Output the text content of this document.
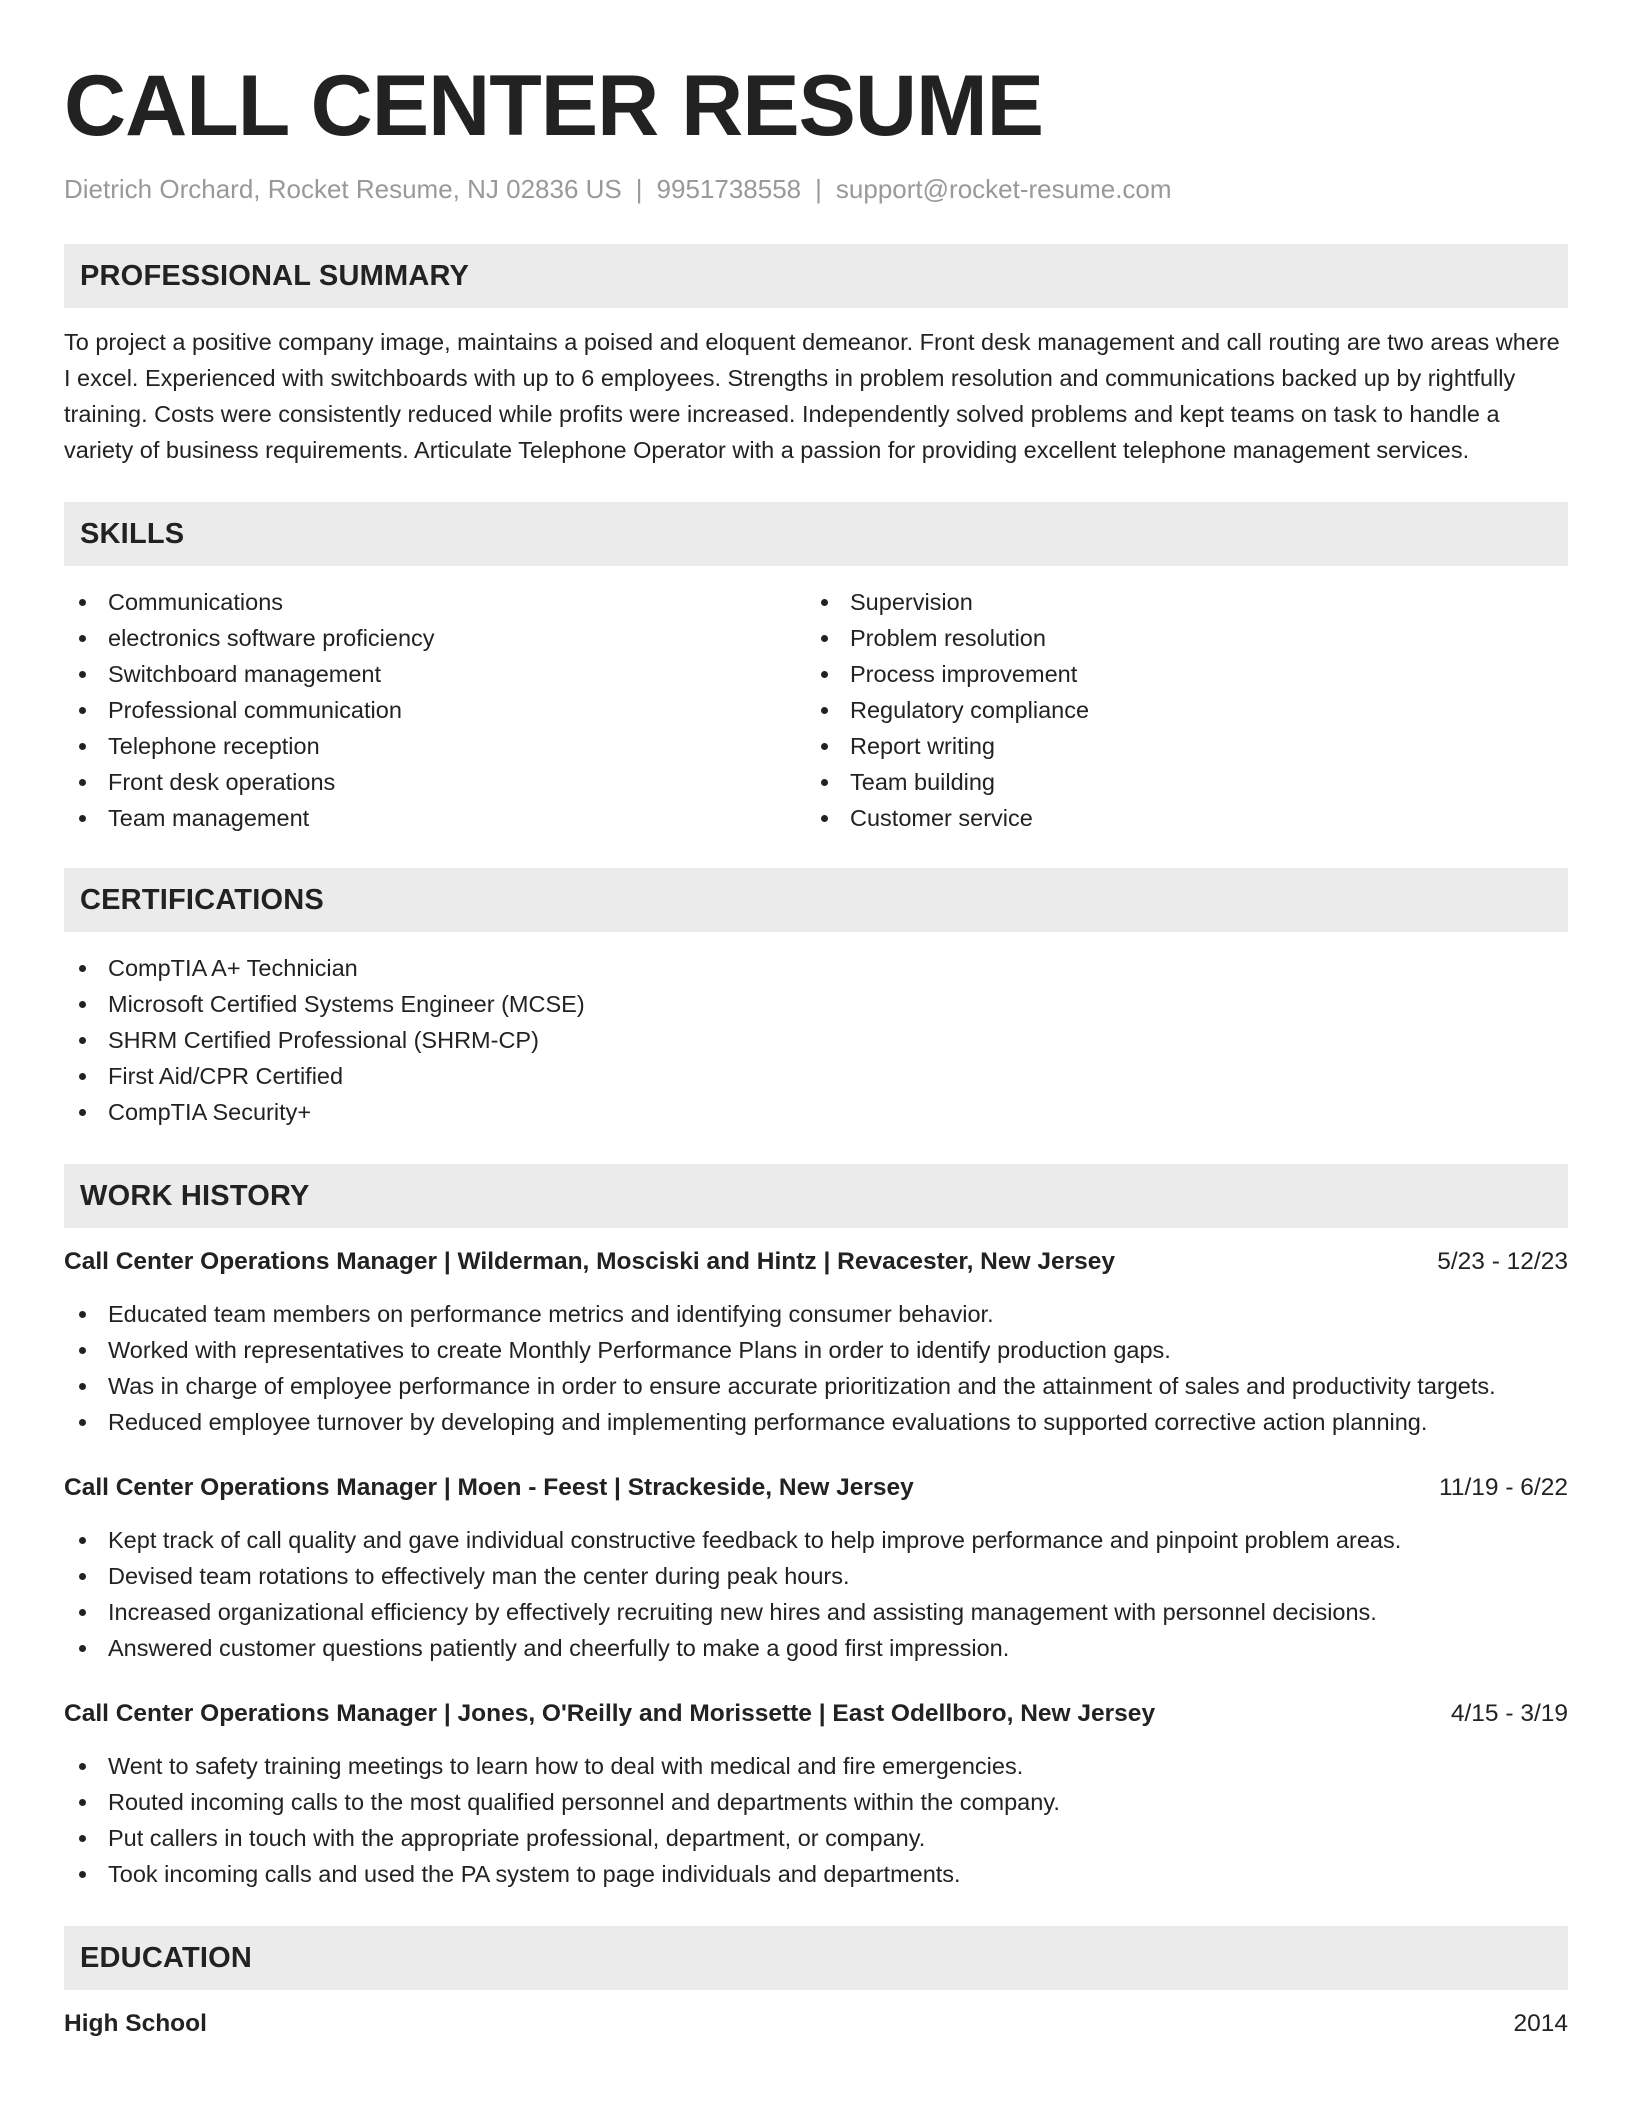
CALL CENTER RESUME
Dietrich Orchard, Rocket Resume, NJ 02836 US | 9951738558 | support@rocket-resume.com
PROFESSIONAL SUMMARY

To project a positive company image, maintains a poised and eloquent demeanor. Front desk management and call routing are two areas where I excel. Experienced with switchboards with up to 6 employees. Strengths in problem resolution and communications backed up by rightfully training. Costs were consistently reduced while profits were increased. Independently solved problems and kept teams on task to handle a variety of business requirements. Articulate Telephone Operator with a passion for providing excellent telephone management services.

SKILLS
Communications
electronics software proficiency
Switchboard management
Professional communication
Telephone reception
Front desk operations
Team management
Supervision
Problem resolution
Process improvement
Regulatory compliance
Report writing
Team building
Customer service
CERTIFICATIONS
CompTIA A+ Technician
Microsoft Certified Systems Engineer (MCSE)
SHRM Certified Professional (SHRM-CP)
First Aid/CPR Certified
CompTIA Security+
WORK HISTORY
Call Center Operations Manager | Wilderman, Mosciski and Hintz | Revacester, New Jersey	5/23 - 12/23
Educated team members on performance metrics and identifying consumer behavior.
Worked with representatives to create Monthly Performance Plans in order to identify production gaps.
Was in charge of employee performance in order to ensure accurate prioritization and the attainment of sales and productivity targets.
Reduced employee turnover by developing and implementing performance evaluations to supported corrective action planning.
Call Center Operations Manager | Moen - Feest | Strackeside, New Jersey	11/19 - 6/22
Kept track of call quality and gave individual constructive feedback to help improve performance and pinpoint problem areas.
Devised team rotations to effectively man the center during peak hours.
Increased organizational efficiency by effectively recruiting new hires and assisting management with personnel decisions.
Answered customer questions patiently and cheerfully to make a good first impression.
Call Center Operations Manager | Jones, O'Reilly and Morissette | East Odellboro, New Jersey	4/15 - 3/19
Went to safety training meetings to learn how to deal with medical and fire emergencies.
Routed incoming calls to the most qualified personnel and departments within the company.
Put callers in touch with the appropriate professional, department, or company.
Took incoming calls and used the PA system to page individuals and departments.
EDUCATION
High School	2014
